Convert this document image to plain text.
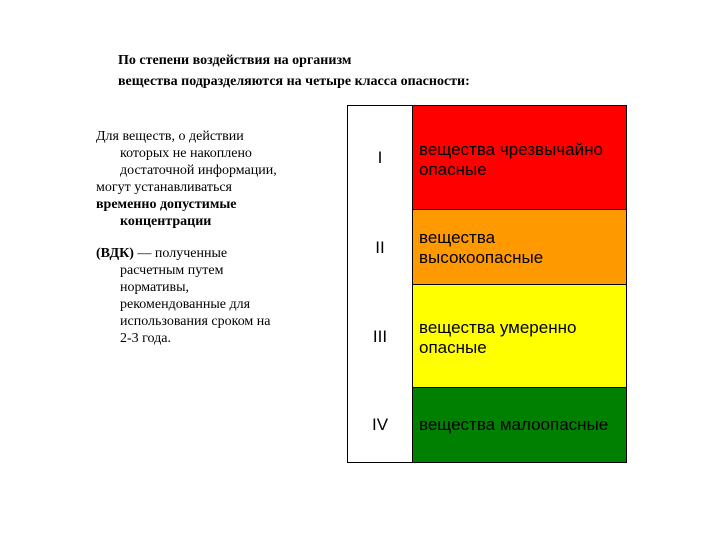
По степени воздействия на организм
вещества подразделяются на четыре класса опасности:
Для веществ, о действии
которых не накоплено
достаточной информации,
могут устанавливаться
временно допустимые
концентрации
(ВДК) — полученные
расчетным путем
нормативы,
рекомендованные для
использования сроком на
2-3 года.
I	вещества чрезвычайно
опасные
II	вещества
высокоопасные
III	вещества умеренно
опасные
IV	вещества малоопасные
